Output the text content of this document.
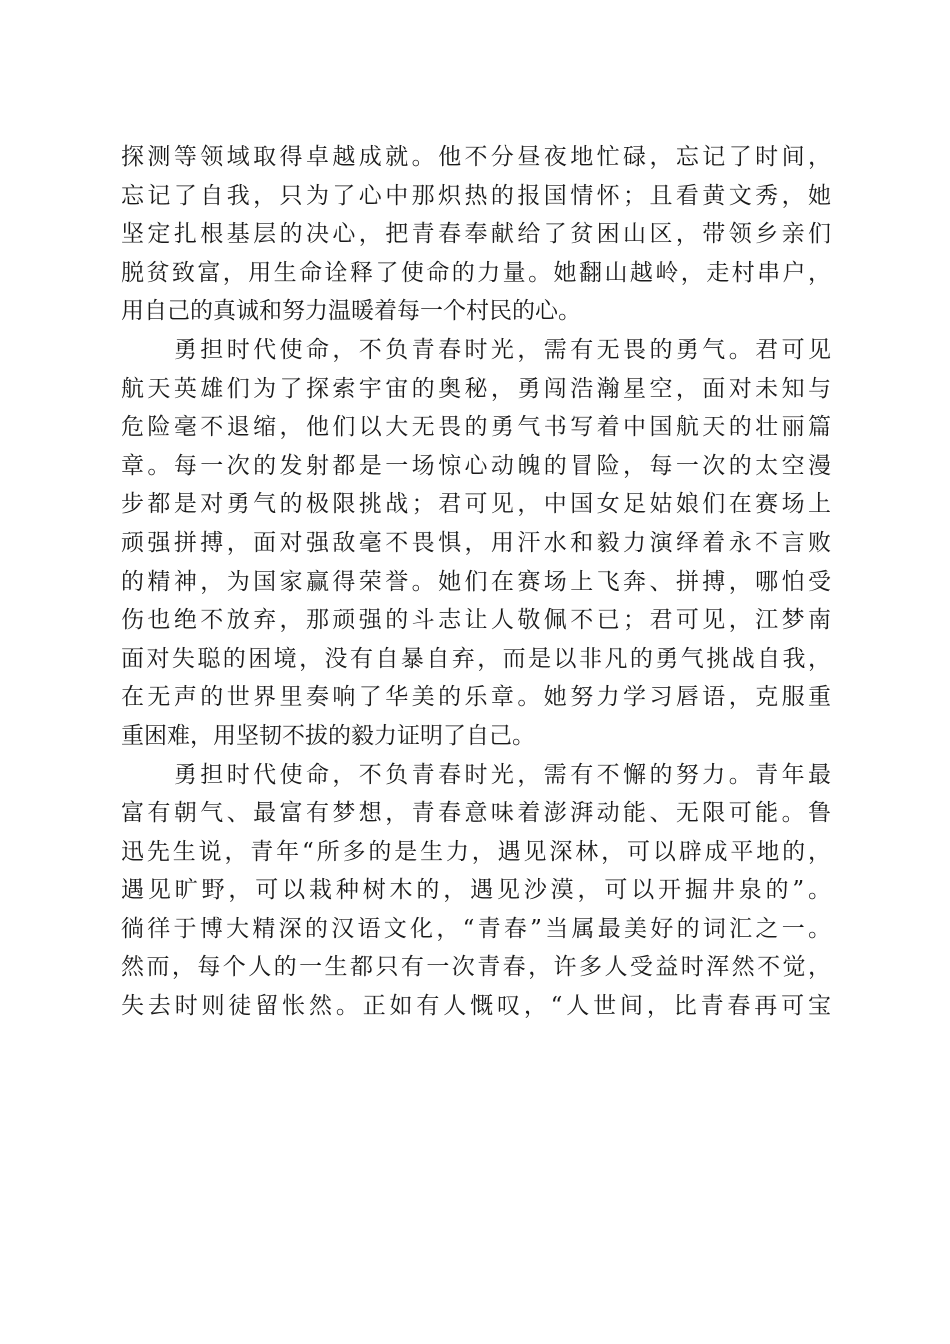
探测等领域取得卓越成就。他不分昼夜地忙碌，忘记了时间，
忘记了自我，只为了心中那炽热的报国情怀；且看黄文秀，她
坚定扎根基层的决心，把青春奉献给了贫困山区，带领乡亲们
脱贫致富，用生命诠释了使命的力量。她翻山越岭，走村串户，
用自己的真诚和努力温暖着每一个村民的心。
　　勇担时代使命，不负青春时光，需有无畏的勇气。君可见
航天英雄们为了探索宇宙的奥秘，勇闯浩瀚星空，面对未知与
危险毫不退缩，他们以大无畏的勇气书写着中国航天的壮丽篇
章。每一次的发射都是一场惊心动魄的冒险，每一次的太空漫
步都是对勇气的极限挑战；君可见，中国女足姑娘们在赛场上
顽强拼搏，面对强敌毫不畏惧，用汗水和毅力演绎着永不言败
的精神，为国家赢得荣誉。她们在赛场上飞奔、拼搏，哪怕受
伤也绝不放弃，那顽强的斗志让人敬佩不已；君可见，江梦南
面对失聪的困境，没有自暴自弃，而是以非凡的勇气挑战自我，
在无声的世界里奏响了华美的乐章。她努力学习唇语，克服重
重困难，用坚韧不拔的毅力证明了自己。
　　勇担时代使命，不负青春时光，需有不懈的努力。青年最
富有朝气、最富有梦想，青春意味着澎湃动能、无限可能。鲁
迅先生说，青年“所多的是生力，遇见深林，可以辟成平地的，
遇见旷野，可以栽种树木的，遇见沙漠，可以开掘井泉的”。
徜徉于博大精深的汉语文化，“青春”当属最美好的词汇之一。
然而，每个人的一生都只有一次青春，许多人受益时浑然不觉，
失去时则徒留怅然。正如有人慨叹，“人世间，比青春再可宝
